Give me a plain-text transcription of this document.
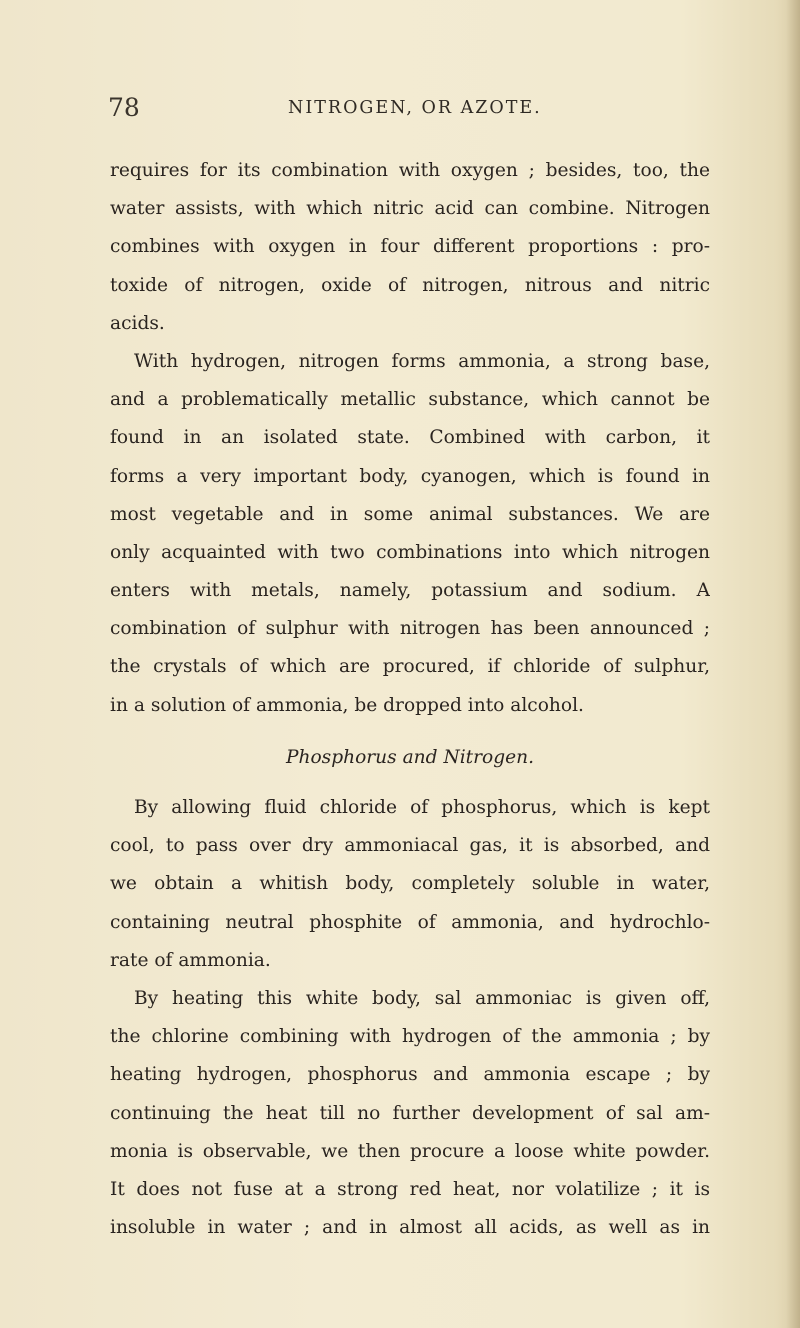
78	NITROGEN, OR AZOTE.
requires for its combination with oxygen ; besides, too, the
water assists, with which nitric acid can combine. Nitrogen
combines with oxygen in four different proportions : pro-
toxide of nitrogen, oxide of nitrogen, nitrous and nitric
acids.
With hydrogen, nitrogen forms ammonia, a strong base,
and a problematically metallic substance, which cannot be
found in an isolated state. Combined with carbon, it
forms a very important body, cyanogen, which is found in
most vegetable and in some animal substances. We are
only acquainted with two combinations into which nitrogen
enters with metals, namely, potassium and sodium. A
combination of sulphur with nitrogen has been announced ;
the crystals of which are procured, if chloride of sulphur,
in a solution of ammonia, be dropped into alcohol.
Phosphorus and Nitrogen.
By allowing fluid chloride of phosphorus, which is kept
cool, to pass over dry ammoniacal gas, it is absorbed, and
we obtain a whitish body, completely soluble in water,
containing neutral phosphite of ammonia, and hydrochlo-
rate of ammonia.
By heating this white body, sal ammoniac is given off,
the chlorine combining with hydrogen of the ammonia ; by
heating hydrogen, phosphorus and ammonia escape ; by
continuing the heat till no further development of sal am-
monia is observable, we then procure a loose white powder.
It does not fuse at a strong red heat, nor volatilize ; it is
insoluble in water ; and in almost all acids, as well as in
